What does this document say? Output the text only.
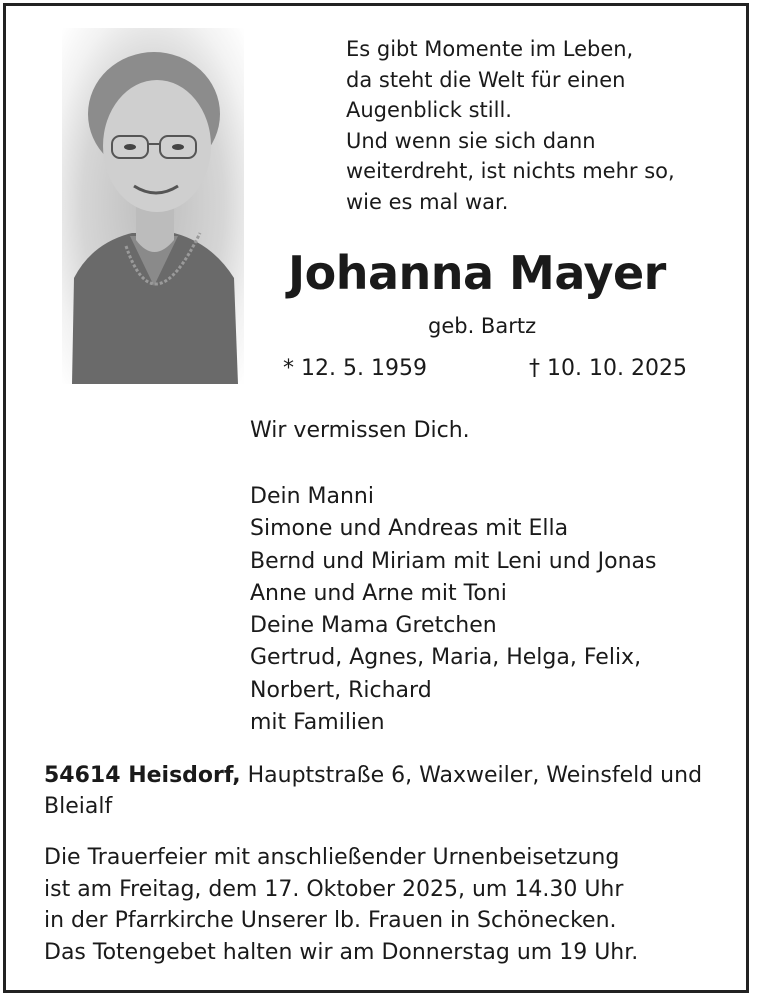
Es gibt Momente im Leben,
da steht die Welt für einen
Augenblick still.
Und wenn sie sich dann
weiterdreht, ist nichts mehr so,
wie es mal war.
Johanna Mayer
geb. Bartz
* 12. 5. 1959	† 10. 10. 2025
Wir vermissen Dich.
Dein Manni
Simone und Andreas mit Ella
Bernd und Miriam mit Leni und Jonas
Anne und Arne mit Toni
Deine Mama Gretchen
Gertrud, Agnes, Maria, Helga, Felix,
Norbert, Richard
mit Familien
54614 Heisdorf, Hauptstraße 6, Waxweiler, Weinsfeld und Bleialf
Die Trauerfeier mit anschließender Urnenbeisetzung
ist am Freitag, dem 17. Oktober 2025, um 14.30 Uhr
in der Pfarrkirche Unserer lb. Frauen in Schönecken.
Das Totengebet halten wir am Donnerstag um 19 Uhr.
